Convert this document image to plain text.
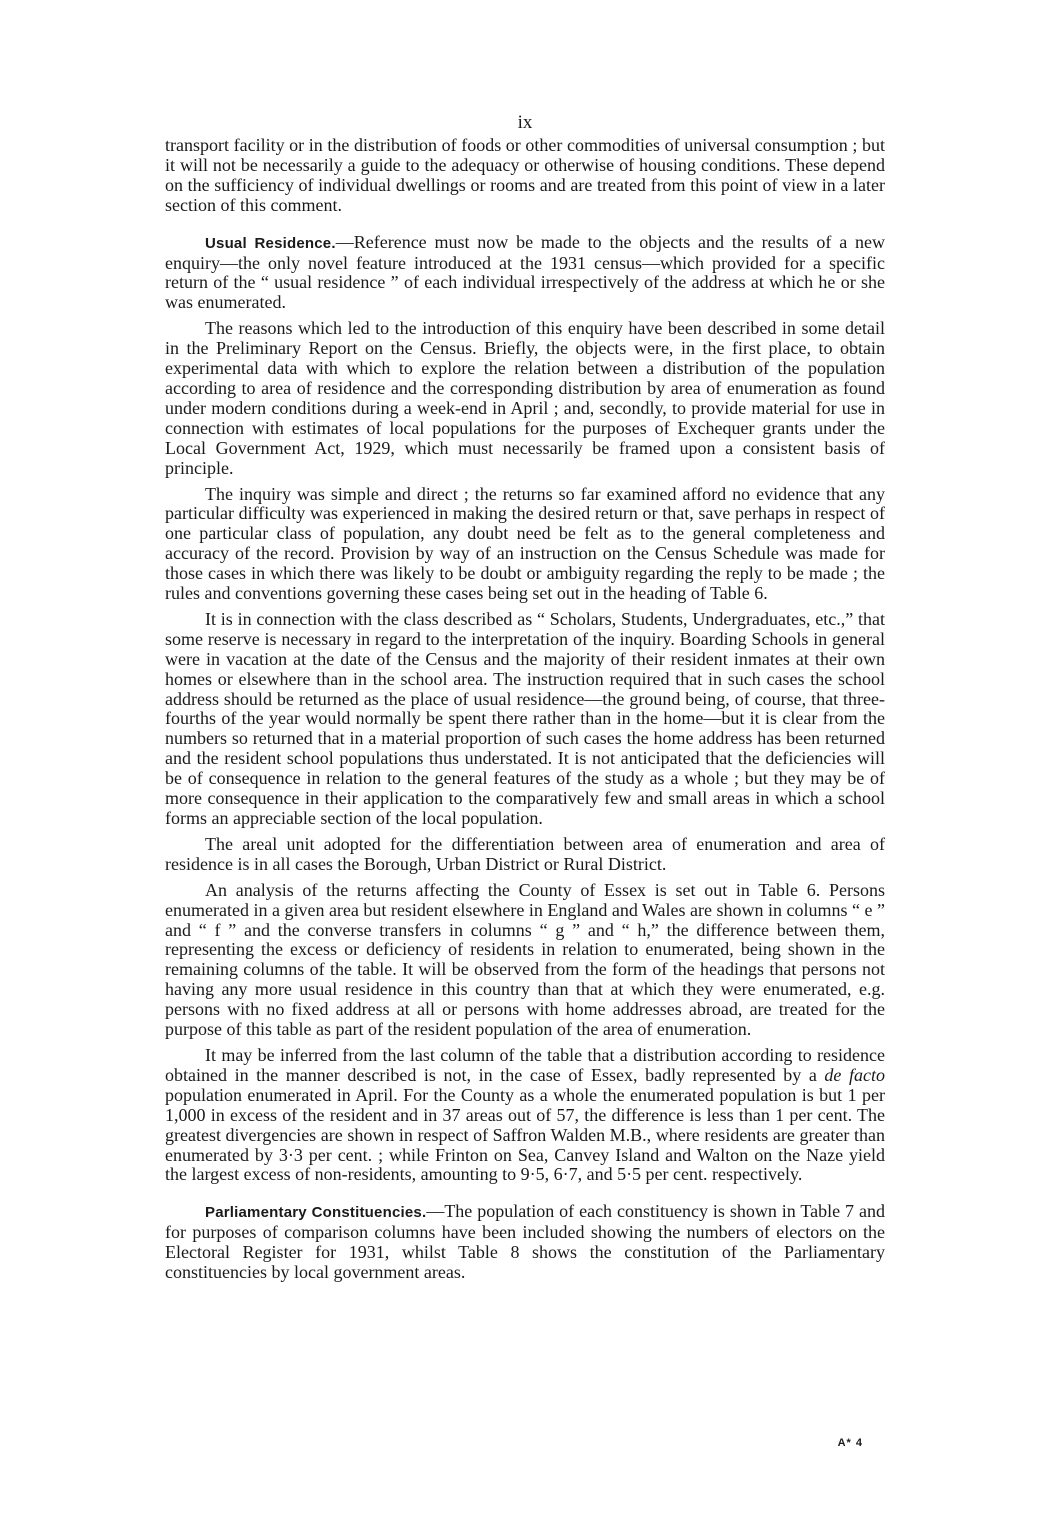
ix

transport facility or in the distribution of foods or other commodities of universal consumption ; but it will not be necessarily a guide to the adequacy or otherwise of housing conditions. These depend on the sufficiency of individual dwellings or rooms and are treated from this point of view in a later section of this comment.

Usual Residence.—Reference must now be made to the objects and the results of a new enquiry—the only novel feature introduced at the 1931 census—which provided for a specific return of the “ usual residence ” of each individual irrespectively of the address at which he or she was enumerated.

The reasons which led to the introduction of this enquiry have been described in some detail in the Preliminary Report on the Census. Briefly, the objects were, in the first place, to obtain experimental data with which to explore the relation between a distribution of the population according to area of residence and the corresponding distribution by area of enumeration as found under modern conditions during a week-end in April ; and, secondly, to provide material for use in connection with estimates of local populations for the purposes of Exchequer grants under the Local Government Act, 1929, which must necessarily be framed upon a consistent basis of principle.

The inquiry was simple and direct ; the returns so far examined afford no evidence that any particular difficulty was experienced in making the desired return or that, save perhaps in respect of one particular class of population, any doubt need be felt as to the general completeness and accuracy of the record. Provision by way of an instruction on the Census Schedule was made for those cases in which there was likely to be doubt or ambiguity regarding the reply to be made ; the rules and conventions governing these cases being set out in the heading of Table 6.

It is in connection with the class described as “ Scholars, Students, Undergraduates, etc.,” that some reserve is necessary in regard to the interpretation of the inquiry. Boarding Schools in general were in vacation at the date of the Census and the majority of their resident inmates at their own homes or elsewhere than in the school area. The instruction required that in such cases the school address should be returned as the place of usual residence—the ground being, of course, that three-fourths of the year would normally be spent there rather than in the home—but it is clear from the numbers so returned that in a material proportion of such cases the home address has been returned and the resident school populations thus understated. It is not anticipated that the deficiencies will be of consequence in relation to the general features of the study as a whole ; but they may be of more consequence in their application to the comparatively few and small areas in which a school forms an appreciable section of the local population.

The areal unit adopted for the differentiation between area of enumeration and area of residence is in all cases the Borough, Urban District or Rural District.

An analysis of the returns affecting the County of Essex is set out in Table 6. Persons enumerated in a given area but resident elsewhere in England and Wales are shown in columns “ e ” and “ f ” and the converse transfers in columns “ g ” and “ h,” the difference between them, representing the excess or deficiency of residents in relation to enumerated, being shown in the remaining columns of the table. It will be observed from the form of the headings that persons not having any more usual residence in this country than that at which they were enumerated, e.g. persons with no fixed address at all or persons with home addresses abroad, are treated for the purpose of this table as part of the resident population of the area of enumeration.

It may be inferred from the last column of the table that a distribution according to residence obtained in the manner described is not, in the case of Essex, badly represented by a de facto population enumerated in April. For the County as a whole the enumerated population is but 1 per 1,000 in excess of the resident and in 37 areas out of 57, the difference is less than 1 per cent. The greatest divergencies are shown in respect of Saffron Walden M.B., where residents are greater than enumerated by 3·3 per cent. ; while Frinton on Sea, Canvey Island and Walton on the Naze yield the largest excess of non-residents, amounting to 9·5, 6·7, and 5·5 per cent. respectively.

Parliamentary Constituencies.—The population of each constituency is shown in Table 7 and for purposes of comparison columns have been included showing the numbers of electors on the Electoral Register for 1931, whilst Table 8 shows the constitution of the Parliamentary constituencies by local government areas.

A* 4
